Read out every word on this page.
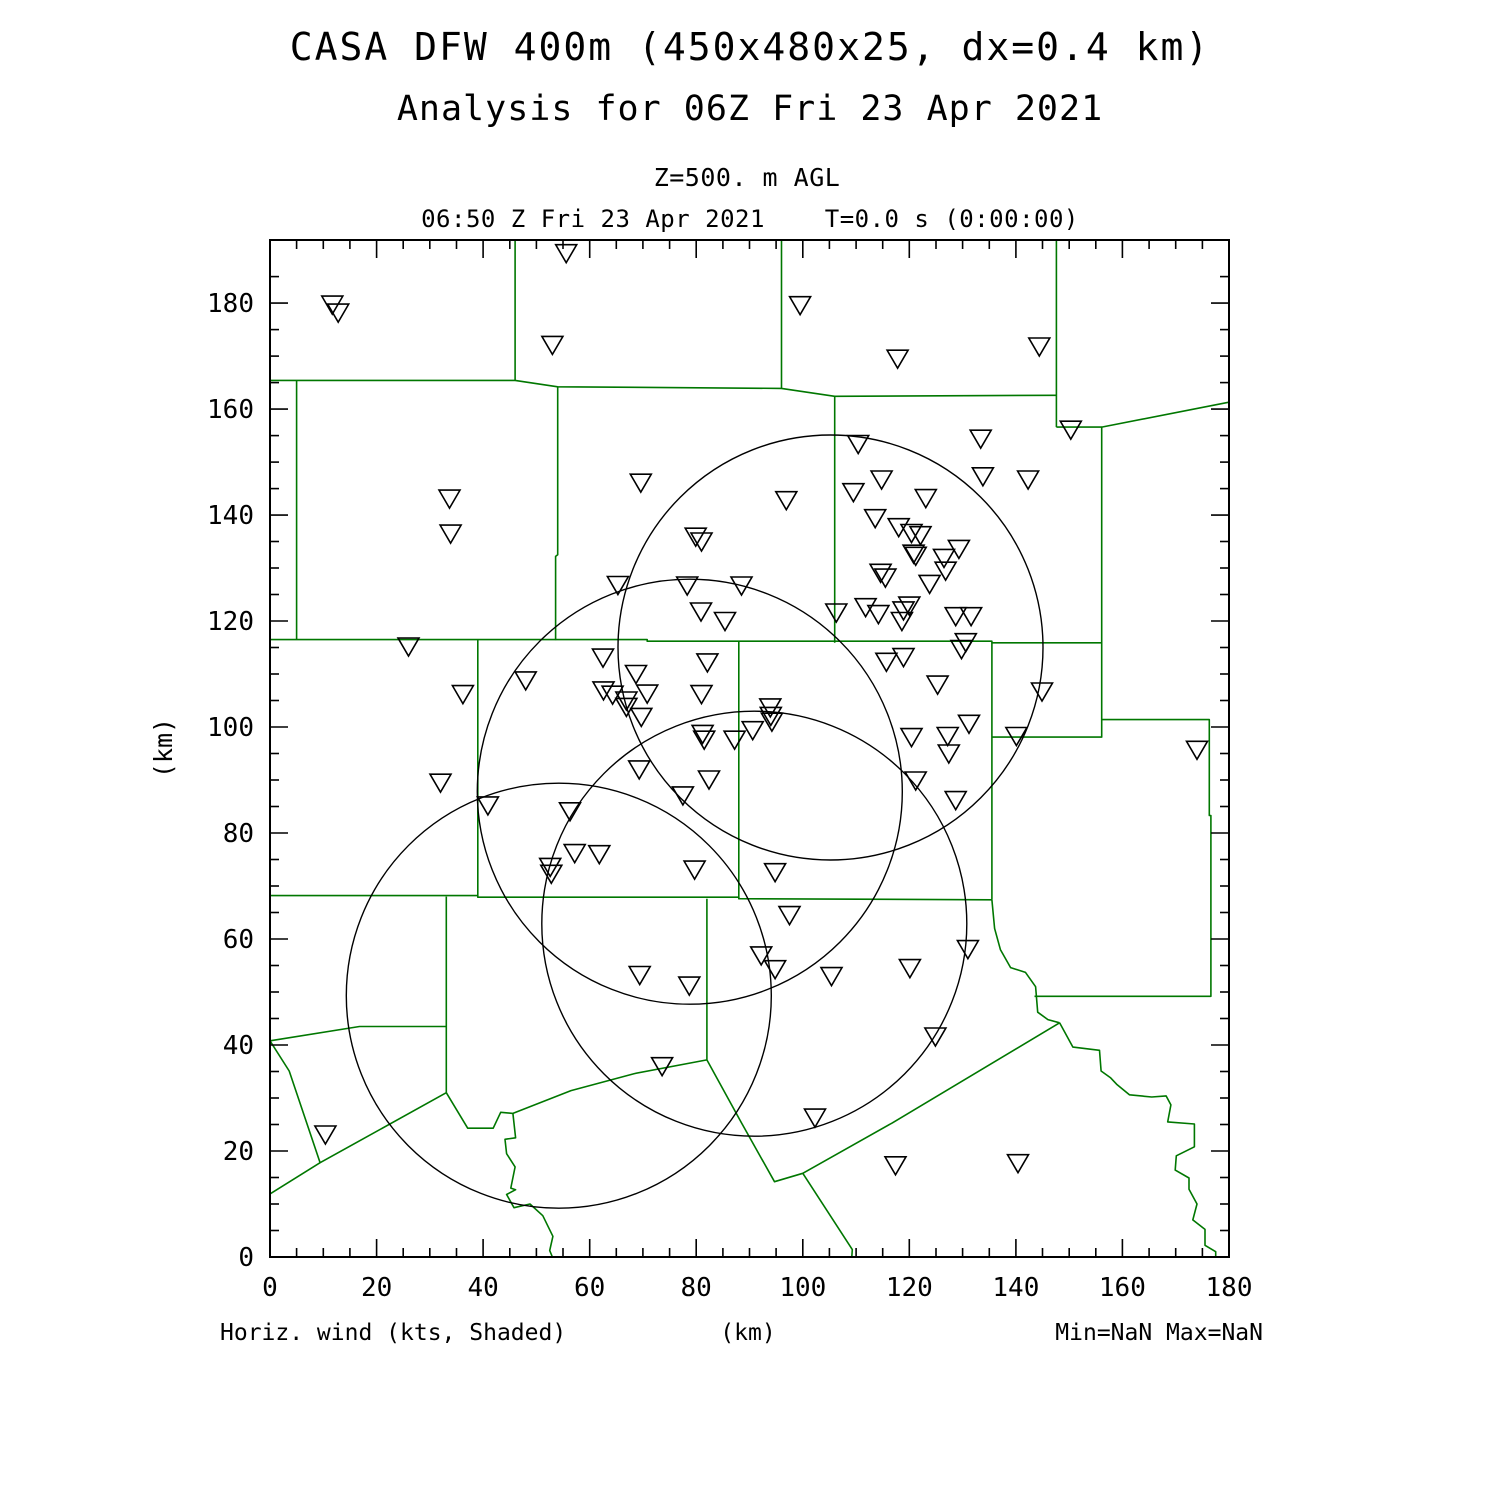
CASA DFW 400m (450x480x25, dx=0.4 km)
Analysis for 06Z Fri 23 Apr 2021
Z=500. m AGL
06:50 Z Fri 23 Apr 2021    T=0.0 s (0:00:00)
0	20	40	60	80	100 120 140 160 180
0
20
40
60
80
100
120
140
160
180
(km)
Horiz. wind (kts, Shaded)	(km)	Min=NaN Max=NaN
